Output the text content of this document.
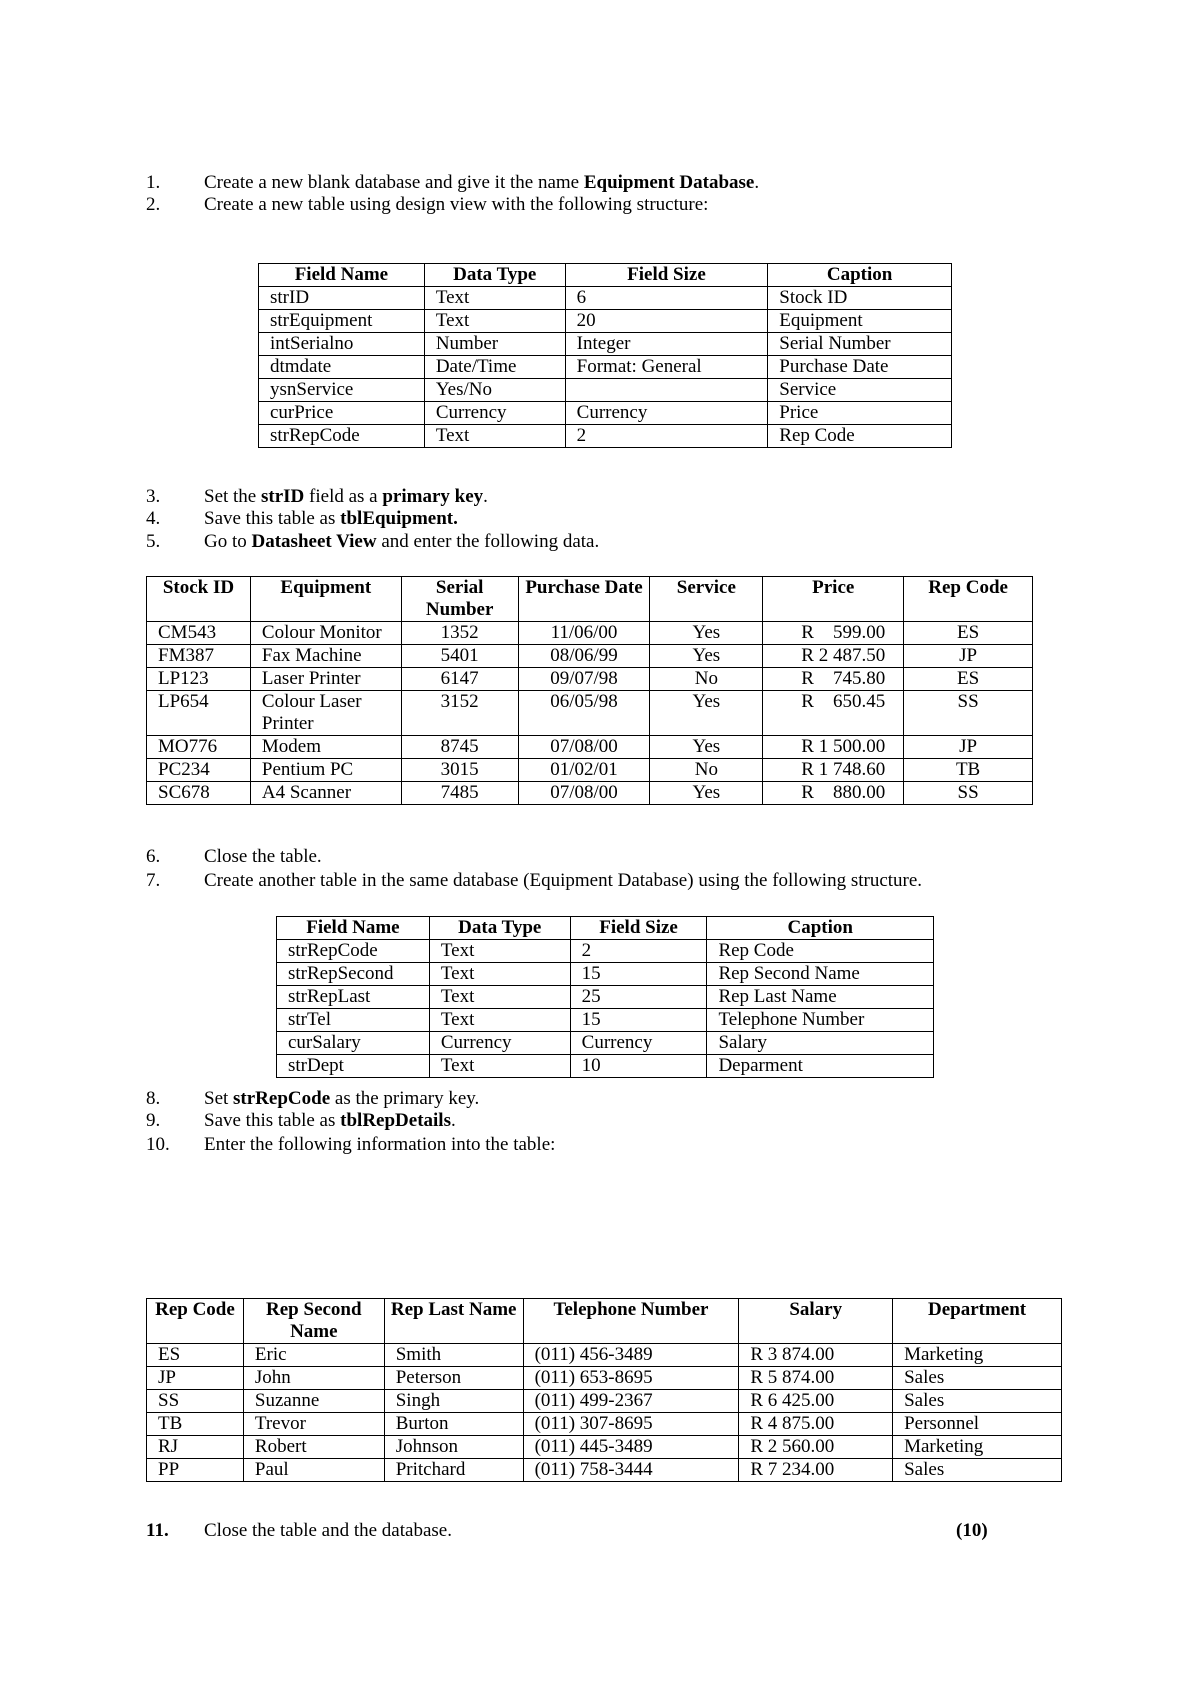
1. Create a new blank database and give it the name Equipment Database.
2. Create a new table using design view with the following structure:
Field Name	Data Type	Field Size	Caption
strID	Text	6	Stock ID
strEquipment	Text	20	Equipment
intSerialno	Number	Integer	Serial Number
dtmdate	Date/Time	Format: General	Purchase Date
ysnService	Yes/No		Service
curPrice	Currency	Currency	Price
strRepCode	Text	2	Rep Code
3. Set the strID field as a primary key.
4. Save this table as tblEquipment.
5. Go to Datasheet View and enter the following data.
Stock ID	Equipment	Serial Number	Purchase Date	Service	Price	Rep Code
CM543	Colour Monitor	1352	11/06/00	Yes	R    599.00	ES
FM387	Fax Machine	5401	08/06/99	Yes	R 2 487.50	JP
LP123	Laser Printer	6147	09/07/98	No	R    745.80	ES
LP654	Colour Laser Printer	3152	06/05/98	Yes	R    650.45	SS
MO776	Modem	8745	07/08/00	Yes	R 1 500.00	JP
PC234	Pentium PC	3015	01/02/01	No	R 1 748.60	TB
SC678	A4 Scanner	7485	07/08/00	Yes	R    880.00	SS
6. Close the table.
7. Create another table in the same database (Equipment Database) using the following structure.
Field Name	Data Type	Field Size	Caption
strRepCode	Text	2	Rep Code
strRepSecond	Text	15	Rep Second Name
strRepLast	Text	25	Rep Last Name
strTel	Text	15	Telephone Number
curSalary	Currency	Currency	Salary
strDept	Text	10	Deparment
8. Set strRepCode as the primary key.
9. Save this table as tblRepDetails.
10. Enter the following information into the table:
Rep Code	Rep Second Name	Rep Last Name	Telephone Number	Salary	Department
ES	Eric	Smith	(011) 456-3489	R 3 874.00	Marketing
JP	John	Peterson	(011) 653-8695	R 5 874.00	Sales
SS	Suzanne	Singh	(011) 499-2367	R 6 425.00	Sales
TB	Trevor	Burton	(011) 307-8695	R 4 875.00	Personnel
RJ	Robert	Johnson	(011) 445-3489	R 2 560.00	Marketing
PP	Paul	Pritchard	(011) 758-3444	R 7 234.00	Sales
11. Close the table and the database.	(10)
